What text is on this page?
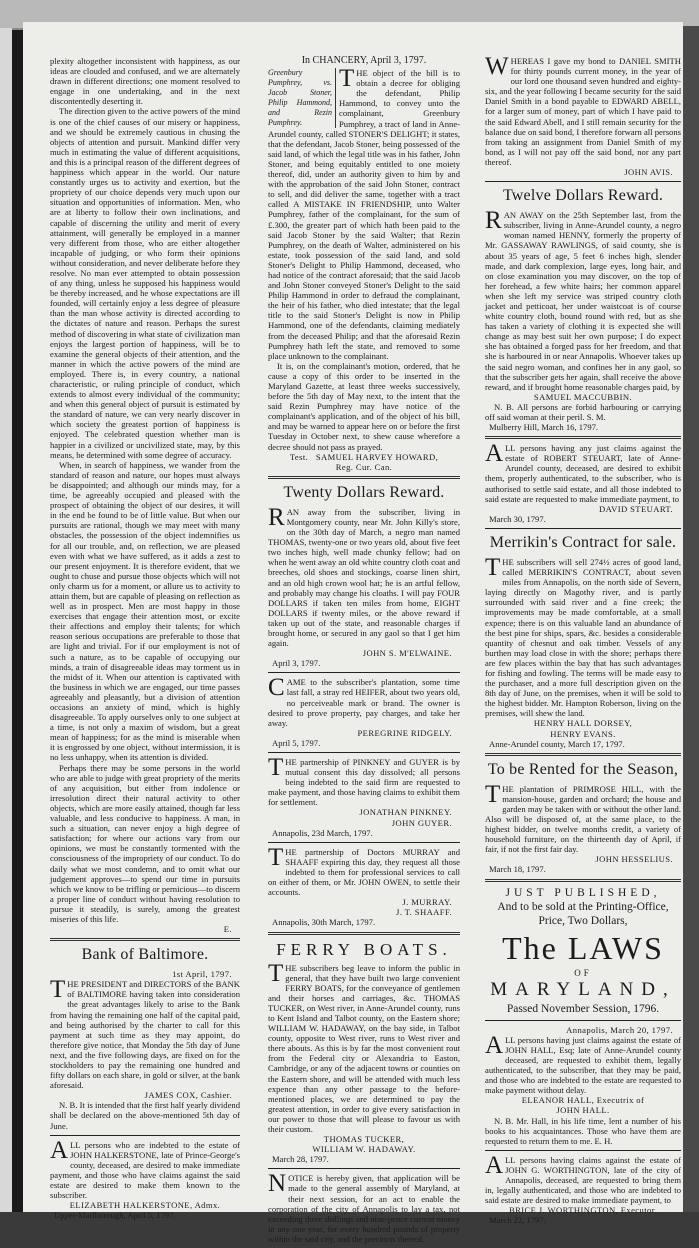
plexity altogether inconsistent with happiness, as our ideas are clouded and confused, and we are alternately drawn in different directions; one moment resolved to engage in one undertaking, and in the next discontentedly deserting it.

The direction given to the active powers of the mind is one of the chief causes of our misery or happiness, and we should be extremely cautious in chusing the objects of attention and pursuit. Mankind differ very much in estimating the value of different acquisitions, and this is a principal reason of the different degrees of happiness which appear in the world. Our nature constantly urges us to activity and exertion, but the propriety of our choice depends very much upon our situation and opportunities of information. Men, who are at liberty to follow their own inclinations, and capable of discerning the utility and merit of every attainment, will generally be employed in a manner very different from those, who are either altogether incapable of judging, or who form their opinions without consideration, and never deliberate before they resolve. No man ever attempted to obtain possession of any thing, unless he supposed his happiness would be thereby increased, and he whose expectations are ill founded, will certainly enjoy a less degree of pleasure than the man whose activity is directed according to the dictates of nature and reason. Perhaps the surest method of discovering in what state of civilization man enjoys the largest portion of happiness, will be to examine the general objects of their attention, and the manner in which the active powers of the mind are employed. There is, in every country, a national characteristic, or ruling principle of conduct, which extends to almost every individual of the community; and when this general object of pursuit is estimated by the standard of nature, we can very nearly discover in which society the greatest portion of happiness is enjoyed. The celebrated question whether man is happier in a civilized or uncivilized state, may, by this means, be determined with some degree of accuracy.

When, in search of happiness, we wander from the standard of reason and nature, our hopes must always be disappointed; and although our minds may, for a time, be agreeably occupied and pleased with the prospect of obtaining the object of our desires, it will in the end be found to be of little value. But when our pursuits are rational, though we may meet with many obstacles, the possession of the object indemnifies us for all our trouble, and, on reflection, we are pleased even with what we have suffered, as it adds a zest to our present enjoyment. It is therefore evident, that we ought to chuse and pursue those objects which will not only charm us for a moment, or allure us to activity to attain them, but are capable of pleasing on reflection as well as in prospect. Men are most happy in those exercises that engage their attention most, or excite their affections and employ their talents; for which reason serious occupations are preferable to those that are light and trivial. For if our employment is not of such a nature, as to be capable of occupying our minds, a train of disagreeable ideas may torment us in the midst of it. When our attention is captivated with the business in which we are engaged, our time passes agreeably and pleasantly, but a division of attention occasions an anxiety of mind, which is highly disagreeable. To apply ourselves only to one subject at a time, is not only a maxim of wisdom, but a great mean of happiness; for as the mind is miserable when it is engrossed by one object, without intermission, it is no less unhappy, when its attention is divided.

Perhaps there may be some persons in the world who are able to judge with great propriety of the merits of any acquisition, but either from indolence or irresolution direct their natural activity to other objects, which are more easily attained, though far less valuable, and less conducive to happiness. A man, in such a situation, can never enjoy a high degree of satisfaction; for where our actions vary from our opinions, we must be constantly tormented with the consciousness of the impropriety of our conduct. To do daily what we most condemn, and to omit what our judgement approves—to spend our time in pursuits which we know to be trifling or pernicious—to discern a proper line of conduct without having resolution to pursue it steadily, is surely, among the greatest miseries of this life.

E.
Bank of Baltimore.
1st April, 1797.

THE PRESIDENT and DIRECTORS of the BANK of BALTIMORE having taken into consideration the great advantages likely to arise to the Bank from having the remaining one half of the capital paid, and being authorised by the charter to call for this payment at such time as they may appoint, do therefore give notice, that Monday the 5th day of June next, and the five following days, are fixed on for the stockholders to pay the remaining one hundred and fifty dollars on each share, in gold or silver, at the bank aforesaid.

JAMES COX, Cashier.

N. B. It is intended that the first half yearly dividend shall be declared on the above-mentioned 5th day of June.

ALL persons who are indebted to the estate of JOHN HALKERSTONE, late of Prince-George's county, deceased, are desired to make immediate payment, and those who have claims against the said estate are desired to make them known to the subscriber.

ELIZABETH HALKERSTONE, Admx.
Upper-Marlborough, April 5, 1797.
In CHANCERY, April 3, 1797.
Greenbury Pumphrey, vs. Jacob Stoner, Philip Hammond, and Rezin Pumphrey.

THE object of the bill is to obtain a decree for obliging the defendant, Philip Hammond, to convey unto the complainant, Greenbury Pumphrey, a tract of land in Anne-Arundel county, called STONER'S DELIGHT; it states, that the defendant, Jacob Stoner, being possessed of the said land, of which the legal title was in his father, John Stoner, and being equitably entitled to one moiety thereof, did, under an authority given to him by and with the approbation of the said John Stoner, contract to sell, and did deliver the same, together with a tract called A MISTAKE IN FRIENDSHIP, unto Walter Pumphrey, father of the complainant, for the sum of £.300, the greater part of which hath been paid to the said Jacob Stoner by the said Walter; that Rezin Pumphrey, on the death of Walter, administered on his estate, took possession of the said land, and sold Stoner's Delight to Philip Hammond, deceased, who had notice of the contract aforesaid; that the said Jacob and John Stoner conveyed Stoner's Delight to the said Philip Hammond in order to defraud the complainant, the heir of his father, who died intestate; that the legal title to the said Stoner's Delight is now in Philip Hammond, one of the defendants, claiming mediately from the deceased Philip; and that the aforesaid Rezin Pumphrey hath left the state, and removed to some place unknown to the complainant.

It is, on the complainant's motion, ordered, that he cause a copy of this order to be inserted in the Maryland Gazette, at least three weeks successively, before the 5th day of May next, to the intent that the said Rezin Pumphrey may have notice of the complainant's application, and of the object of his bill, and may be warned to appear here on or before the first Tuesday in October next, to shew cause wherefore a decree should not pass as prayed.

Test. SAMUEL HARVEY HOWARD,
Reg. Cur. Can.
Twenty Dollars Reward.

RAN away from the subscriber, living in Montgomery county, near Mr. John Killy's store, on the 30th day of March, a negro man named THOMAS, twenty-one or two years old, about five feet two inches high, well made chunky fellow; had on when he went away an old white country cloth coat and breeches, old shoes and stockings, coarse linen shirt, and an old high crown wool hat; he is an artful fellow, and probably may change his cloaths. I will pay FOUR DOLLARS if taken ten miles from home, EIGHT DOLLARS if twenty miles, or the above reward if taken up out of the state, and reasonable charges if brought home, or secured in any gaol so that I get him again.

JOHN S. M'ELWAINE.
April 3, 1797.

CAME to the subscriber's plantation, some time last fall, a stray red HEIFER, about two years old, no perceiveable mark or brand. The owner is desired to prove property, pay charges, and take her away.

PEREGRINE RIDGELY.
April 5, 1797.

THE partnership of PINKNEY and GUYER is by mutual consent this day dissolved; all persons being indebted to the said firm are requested to make payment, and those having claims to exhibit them for settlement.

JONATHAN PINKNEY.
JOHN GUYER.
Annapolis, 23d March, 1797.

THE partnership of Doctors MURRAY and SHAAFF expiring this day, they request all those indebted to them for professional services to call on either of them, or Mr. JOHN OWEN, to settle their accounts.

J. MURRAY.
J. T. SHAAFF.
Annapolis, 30th March, 1797.
FERRY BOATS.

THE subscribers beg leave to inform the public in general, that they have built two large convenient FERRY BOATS, for the conveyance of gentlemen and their horses and carriages, &c. THOMAS TUCKER, on West river, in Anne-Arundel county, runs to Kent Island and Talbot county, on the Eastern shore; WILLIAM W. HADAWAY, on the bay side, in Talbot county, opposite to West river, runs to West river and there abouts. As this is by far the most convenient rout from the Federal city or Alexandria to Easton, Cambridge, or any of the adjacent towns or counties on the Eastern shore, and will be attended with much less expence than any other passage to the before-mentioned places, we are determined to pay the greatest attention, in order to give every satisfaction in our power to those that will please to favour us with their custom.

THOMAS TUCKER,
WILLIAM W. HADAWAY.
March 28, 1797.

NOTICE is hereby given, that application will be made to the general assembly of Maryland, at their next session, for an act to enable the corporation of the city of Annapolis to lay a tax, not exceeding three shillings and nine-pence current money in any one year, for every hundred pounds of property within the said city, and the precincts thereof.

WHEREAS I gave my bond to DANIEL SMITH for thirty pounds current money, in the year of our lord one thousand seven hundred and eighty-six, and the year following I became security for the said Daniel Smith in a bond payable to EDWARD ABELL, for a larger sum of money, part of which I have paid to the said Edward Abell, and I still remain security for the balance due on said bond, I therefore forwarn all persons from taking an assignment from Daniel Smith of my bond, as I will not pay off the said bond, nor any part thereof.

JOHN AVIS.
Twelve Dollars Reward.

RAN AWAY on the 25th September last, from the subscriber, living in Anne-Arundel county, a negro woman named HENNY, formerly the property of Mr. GASSAWAY RAWLINGS, of said county, she is about 35 years of age, 5 feet 6 inches high, slender made, and dark complexion, large eyes, long hair, and on close examination you may discover, on the top of her forehead, a few white hairs; her common apparel when she left my service was striped country cloth jacket and petticoat, her under waistcoat is of course white country cloth, bound round with red, but as she has taken a variety of clothing it is expected she will change as may best suit her own purpose; I do expect she has obtained a forged pass for her freedom, and that she is harboured in or near Annapolis. Whoever takes up the said negro woman, and confines her in any gaol, so that the subscriber gets her again, shall receive the above reward, and if brought home reasonable charges paid, by

SAMUEL MACCUBBIN.

N. B. All persons are forbid harbouring or carrying off said woman at their peril. S. M.

Mulberry Hill, March 16, 1797.

ALL persons having any just claims against the estate of ROBERT STEUART, late of Anne-Arundel county, deceased, are desired to exhibit them, properly authenticated, to the subscriber, who is authorised to settle said estate, and all those indebted to said estate are requested to make immediate payment, to

DAVID STEUART.
March 30, 1797.
Merrikin's Contract for sale.

THE subscribers will sell 274½ acres of good land, called MERRIKIN'S CONTRACT, about seven miles from Annapolis, on the north side of Severn, laying directly on Magothy river, and is partly surrounded with said river and a fine creek; the improvements may be made comfortable, at a small expence; there is on this valuable land an abundance of the best pine for ships, spars, &c. besides a considerable quantity of chesnut and oak timber. Vessels of any burthen may load close in with the shore; perhaps there are few places within the bay that has such advantages for fishing and fowling. The terms will be made easy to the purchaser, and a more full description given on the 8th day of June, on the premises, when it will be sold to the highest bidder. Mr. Hampton Roberson, living on the premises, will shew the land.

HENRY HALL DORSEY,
HENRY EVANS.
Anne-Arundel county, March 17, 1797.
To be Rented for the Season,

THE plantation of PRIMROSE HILL, with the mansion-house, garden and orchard; the house and garden may be taken with or without the other land. Also will be disposed of, at the same place, to the highest bidder, on twelve months credit, a variety of household furniture, on the thirteenth day of April, if fair, if not the first fair day.

JOHN HESSELIUS.
March 18, 1797.
JUST PUBLISHED,
And to be sold at the Printing-Office,
Price, Two Dollars,
The LAWS
OF
MARYLAND,
Passed November Session, 1796.
Annapolis, March 20, 1797.

ALL persons having just claims against the estate of JOHN HALL, Esq; late of Anne-Arundel county deceased, are requested to exhibit them, legally authenticated, to the subscriber, that they may be paid, and those who are indebted to the estate are requested to make payment without delay.

ELEANOR HALL, Executrix of
JOHN HALL.

N. B. Mr. Hall, in his life time, lent a number of his books to his acquaintances. Those who have them are requested to return them to me. E. H.

ALL persons having claims against the estate of JOHN G. WORTHINGTON, late of the city of Annapolis, deceased, are requested to bring them in, legally authenticated, and those who are indebted to said estate are desired to make immediate payment, to

BRICE J. WORTHINGTON, Executor.
March 22, 1797.
